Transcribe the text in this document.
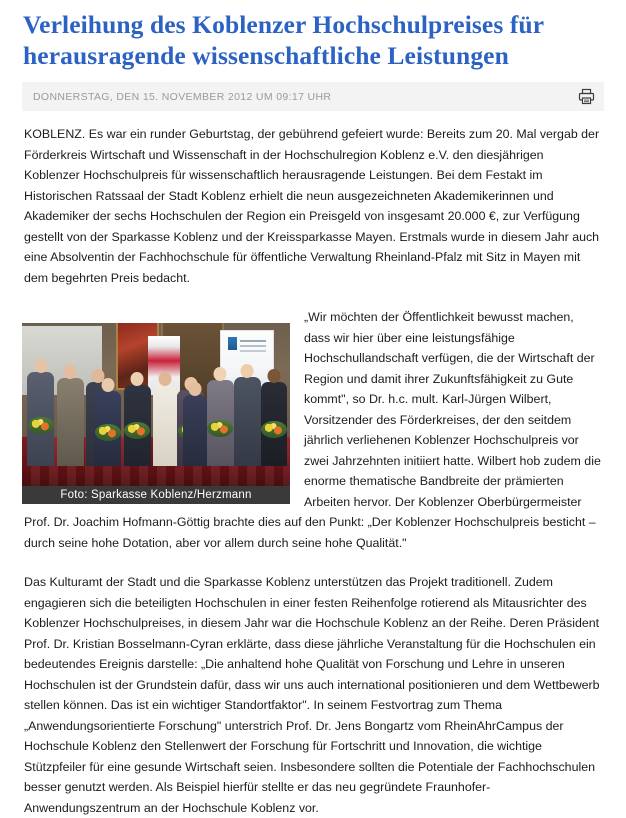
Verleihung des Koblenzer Hochschulpreises für herausragende wissenschaftliche Leistungen
DONNERSTAG, DEN 15. NOVEMBER 2012 UM 09:17 UHR

KOBLENZ. Es war ein runder Geburtstag, der gebührend gefeiert wurde: Bereits zum 20. Mal vergab der Förderkreis Wirtschaft und Wissenschaft in der Hochschulregion Koblenz e.V. den diesjährigen Koblenzer Hochschulpreis für wissenschaftlich herausragende Leistungen. Bei dem Festakt im Historischen Ratssaal der Stadt Koblenz erhielt die neun ausgezeichneten Akademikerinnen und Akademiker der sechs Hochschulen der Region ein Preisgeld von insgesamt 20.000 €, zur Verfügung gestellt von der Sparkasse Koblenz und der Kreissparkasse Mayen. Erstmals wurde in diesem Jahr auch eine Absolventin der Fachhochschule für öffentliche Verwaltung Rheinland-Pfalz mit Sitz in Mayen mit dem begehrten Preis bedacht.

Foto: Sparkasse Koblenz/Herzmann

„Wir möchten der Öffentlichkeit bewusst machen, dass wir hier über eine leistungsfähige Hochschullandschaft verfügen, die der Wirtschaft der Region und damit ihrer Zukunftsfähigkeit zu Gute kommt", so Dr. h.c. mult. Karl-Jürgen Wilbert, Vorsitzender des Förderkreises, der den seitdem jährlich verliehenen Koblenzer Hochschulpreis vor zwei Jahrzehnten initiiert hatte. Wilbert hob zudem die enorme thematische Bandbreite der prämierten Arbeiten hervor. Der Koblenzer Oberbürgermeister Prof. Dr. Joachim Hofmann-Göttig brachte dies auf den Punkt: „Der Koblenzer Hochschulpreis besticht – durch seine hohe Dotation, aber vor allem durch seine hohe Qualität."

Das Kulturamt der Stadt und die Sparkasse Koblenz unterstützen das Projekt traditionell. Zudem engagieren sich die beteiligten Hochschulen in einer festen Reihenfolge rotierend als Mitausrichter des Koblenzer Hochschulpreises, in diesem Jahr war die Hochschule Koblenz an der Reihe. Deren Präsident Prof. Dr. Kristian Bosselmann-Cyran erklärte, dass diese jährliche Veranstaltung für die Hochschulen ein bedeutendes Ereignis darstelle: „Die anhaltend hohe Qualität von Forschung und Lehre in unseren Hochschulen ist der Grundstein dafür, dass wir uns auch international positionieren und dem Wettbewerb stellen können. Das ist ein wichtiger Standortfaktor". In seinem Festvortrag zum Thema „Anwendungsorientierte Forschung" unterstrich Prof. Dr. Jens Bongartz vom RheinAhrCampus der Hochschule Koblenz den Stellenwert der Forschung für Fortschritt und Innovation, die wichtige Stützpfeiler für eine gesunde Wirtschaft seien. Insbesondere sollten die Potentiale der Fachhochschulen besser genutzt werden. Als Beispiel hierfür stellte er das neu gegründete Fraunhofer-Anwendungszentrum an der Hochschule Koblenz vor.
